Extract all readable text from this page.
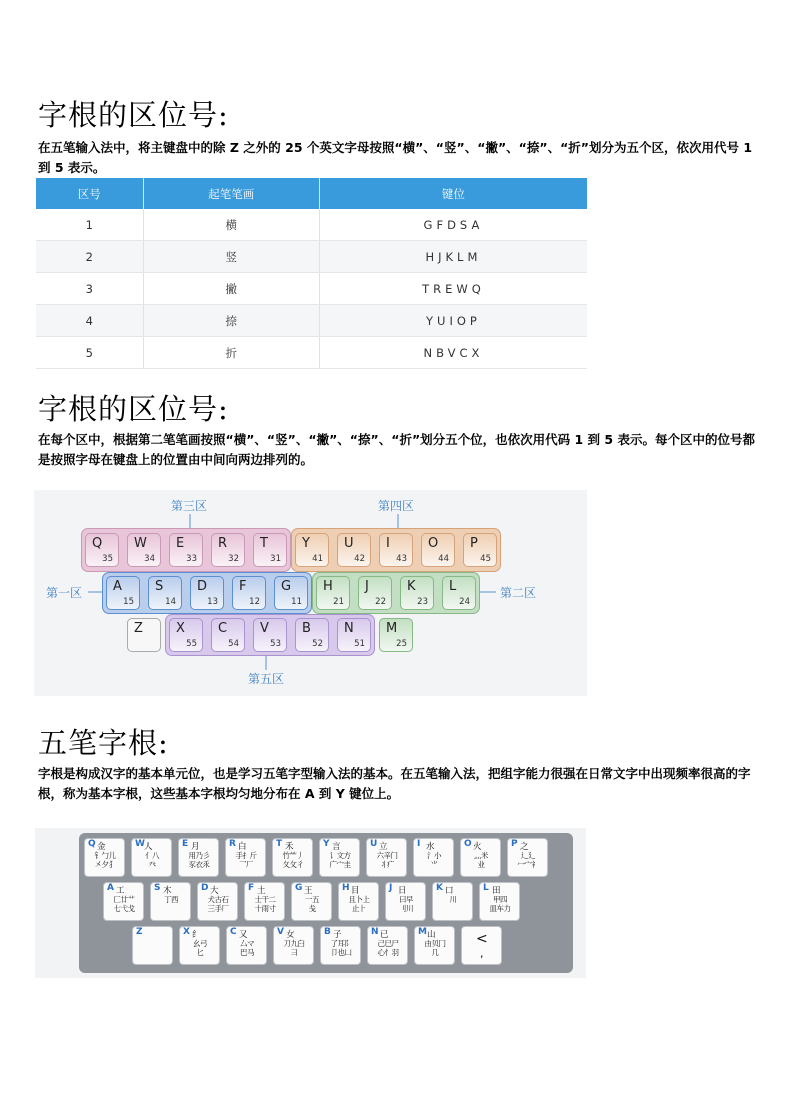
字根的区位号:
在五笔输入法中，将主键盘中的除 Z 之外的 25 个英文字母按照“横”、“竖”、“撇”、“捺”、“折”划分为五个区，依次用代号 1 到 5 表示。
区号	起笔笔画	键位
1	横	GFDSA
2	竖	HJKLM
3	撇	TREWQ
4	捺	YUIOP
5	折	NBVCX
字根的区位号:
在每个区中，根据第二笔笔画按照“横”、“竖”、“撇”、“捺”、“折”划分五个位，也依次用代码 1 到 5 表示。每个区中的位号都是按照字母在键盘上的位置由中间向两边排列的。
第三区	第四区
第一区	第二区
第五区
Q
35
W
34
E
33
R
32
T
31
Y
41
U
42
I
43
O
44
P
45
A
15
S
14
D
13
F
12
G
11
H
21
J
22
K
23
L
24
Z	X
55
C
54
V
53
B
52
N
51
M
25
五笔字根:
字根是构成汉字的基本单元位，也是学习五笔字型输入法的基本。在五笔输入法，把组字能力很强在日常文字中出现频率很高的字根，称为基本字根，这些基本字根均匀地分布在 A 到 Y 键位上。
Q 金
钅勹儿
㐅夕犭
W 人
亻八
癶
E 月
用乃彡
豕衣乑
R 白
手扌斤
乛厂
T 禾
竹⺮丿
夂攵彳
Y 言
讠文方
广宀圭
U 立
六辛门
丬疒
I 水
氵小
⺌
O 火
灬米
业
P 之
辶廴
冖宀礻
A 工
匚廿艹
七弋戈
S 木
丁西
D 大
犬古石
三手厂
F 土
士干二
十雨寸
G 王
一五
戋
H 目
且卜上
止⺊
J 日
曰早
刂川
K 口
川
L 田
甲四
皿车力
Z	X 纟
幺弓
匕
C 又
厶マ
巴马
V 女
刀九臼
彐
B 子
了耳阝
卩也凵
N 已
己巳尸
心忄羽
M 山
由贝冂
几
<
,
